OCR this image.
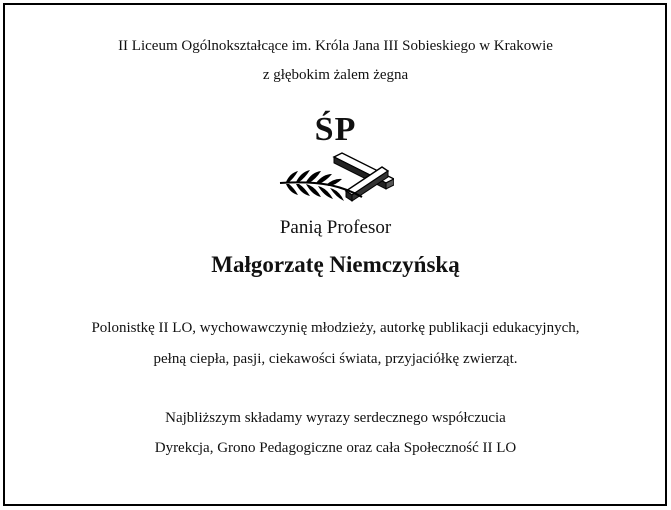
II Liceum Ogólnokształcące im. Króla Jana III Sobieskiego w Krakowie
z głębokim żalem żegna
ŚP
Panią Profesor
Małgorzatę Niemczyńską
Polonistkę II LO, wychowawczynię młodzieży, autorkę publikacji edukacyjnych,
pełną ciepła, pasji, ciekawości świata, przyjaciółkę zwierząt.
Najbliższym składamy wyrazy serdecznego współczucia
Dyrekcja, Grono Pedagogiczne oraz cała Społeczność II LO
